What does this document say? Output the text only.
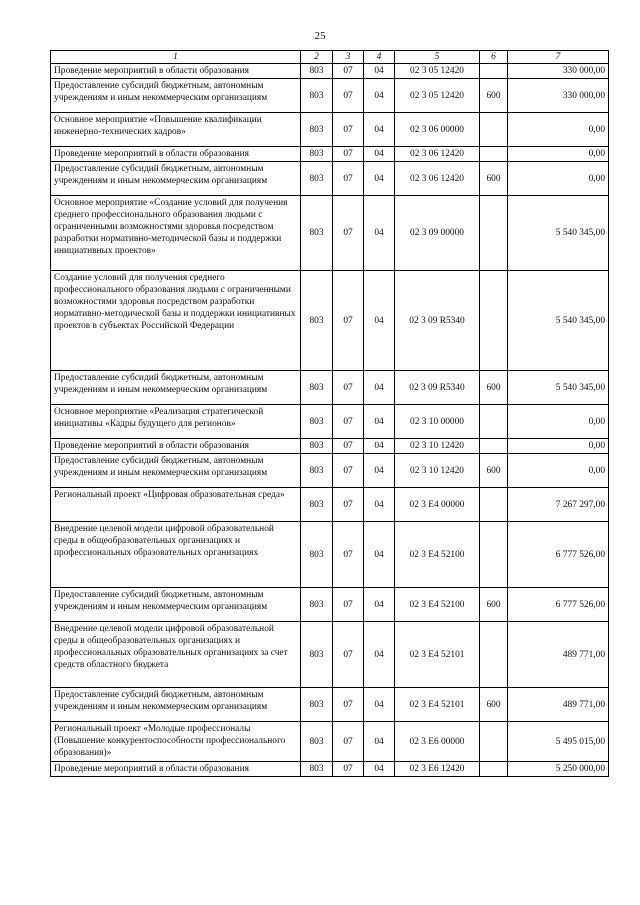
25
1	2	3	4	5	6	7
Проведение мероприятий в области образования	803	07	04	02 3 05 12420		330 000,00
Предоставление субсидий бюджетным, автономным учреждениям и иным некоммерческим организациям	803	07	04	02 3 05 12420	600	330 000,00
Основное мероприятие «Повышение квалификации инженерно-технических кадров»	803	07	04	02 3 06 00000		0,00
Проведение мероприятий в области образования	803	07	04	02 3 06 12420		0,00
Предоставление субсидий бюджетным, автономным учреждениям и иным некоммерческим организациям	803	07	04	02 3 06 12420	600	0,00
Основное мероприятие «Создание условий для получения среднего профессионального образования людьми с ограниченными возможностями здоровья посредством разработки нормативно-методической базы и поддержки инициативных проектов»	803	07	04	02 3 09 00000		5 540 345,00
Создание условий для получения среднего профессионального образования людьми с ограниченными возможностями здоровья посредством разработки нормативно-методической базы и поддержки инициативных проектов в субъектах Российской Федерации	803	07	04	02 3 09 R5340		5 540 345,00
Предоставление субсидий бюджетным, автономным учреждениям и иным некоммерческим организациям	803	07	04	02 3 09 R5340	600	5 540 345,00
Основное мероприятие «Реализация стратегической инициативы «Кадры будущего для регионов»	803	07	04	02 3 10 00000		0,00
Проведение мероприятий в области образования	803	07	04	02 3 10 12420		0,00
Предоставление субсидий бюджетным, автономным учреждениям и иным некоммерческим организациям	803	07	04	02 3 10 12420	600	0,00
Региональный проект «Цифровая образовательная среда»	803	07	04	02 3 E4 00000		7 267 297,00
Внедрение целевой модели цифровой образовательной среды в общеобразовательных организациях и профессиональных образовательных организациях	803	07	04	02 3 E4 52100		6 777 526,00
Предоставление субсидий бюджетным, автономным учреждениям и иным некоммерческим организациям	803	07	04	02 3 E4 52100	600	6 777 526,00
Внедрение целевой модели цифровой образовательной среды в общеобразовательных организациях и профессиональных образовательных организациях за счет средств областного бюджета	803	07	04	02 3 E4 52101		489 771,00
Предоставление субсидий бюджетным, автономным учреждениям и иным некоммерческим организациям	803	07	04	02 3 E4 52101	600	489 771,00
Региональный проект «Молодые профессионалы (Повышение конкурентоспособности профессионального образования)»	803	07	04	02 3 E6 00000		5 495 015,00
Проведение мероприятий в области образования	803	07	04	02 3 E6 12420		5 250 000,00
